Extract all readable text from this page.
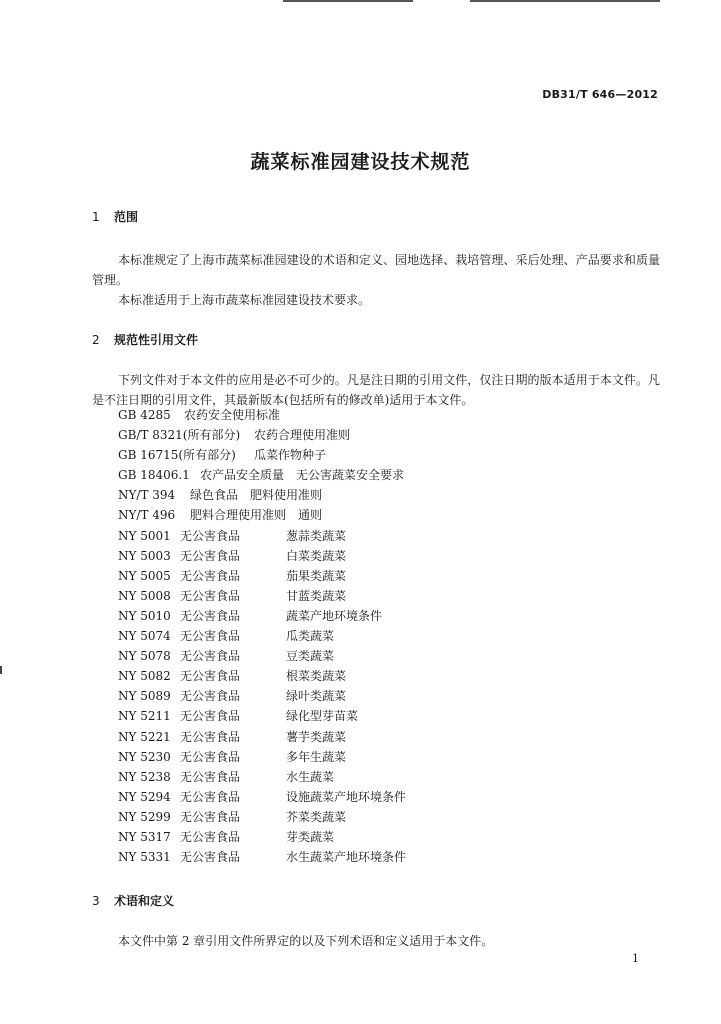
DB31/T 646—2012
蔬菜标准园建设技术规范
1 范围

本标准规定了上海市蔬菜标准园建设的术语和定义、园地选择、栽培管理、采后处理、产品要求和质量管理。

本标准适用于上海市蔬菜标准园建设技术要求。

2 规范性引用文件

下列文件对于本文件的应用是必不可少的。凡是注日期的引用文件，仅注日期的版本适用于本文件。凡是不注日期的引用文件，其最新版本(包括所有的修改单)适用于本文件。

GB 4285 农药安全使用标准
GB/T 8321(所有部分) 农药合理使用准则
GB 16715(所有部分) 瓜菜作物种子
GB 18406.1 农产品安全质量　无公害蔬菜安全要求
NY/T 394 绿色食品　肥料使用准则
NY/T 496 肥料合理使用准则　通则
NY 5001 无公害食品	葱蒜类蔬菜
NY 5003 无公害食品	白菜类蔬菜
NY 5005 无公害食品	茄果类蔬菜
NY 5008 无公害食品	甘蓝类蔬菜
NY 5010 无公害食品	蔬菜产地环境条件
NY 5074 无公害食品	瓜类蔬菜
NY 5078 无公害食品	豆类蔬菜
NY 5082 无公害食品	根菜类蔬菜
NY 5089 无公害食品	绿叶类蔬菜
NY 5211 无公害食品	绿化型芽苗菜
NY 5221 无公害食品	薯芋类蔬菜
NY 5230 无公害食品	多年生蔬菜
NY 5238 无公害食品	水生蔬菜
NY 5294 无公害食品	设施蔬菜产地环境条件
NY 5299 无公害食品	芥菜类蔬菜
NY 5317 无公害食品	芽类蔬菜
NY 5331 无公害食品	水生蔬菜产地环境条件
3 术语和定义

本文件中第 2 章引用文件所界定的以及下列术语和定义适用于本文件。

1
